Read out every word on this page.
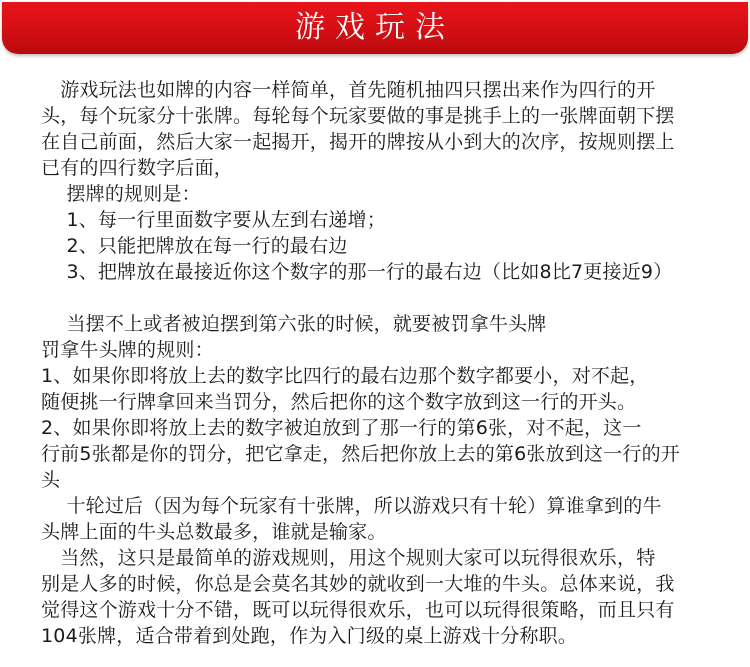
游戏玩法

　游戏玩法也如牌的内容一样简单，首先随机抽四只摆出来作为四行的开

头，每个玩家分十张牌。每轮每个玩家要做的事是挑手上的一张牌面朝下摆

在自己前面，然后大家一起揭开，揭开的牌按从小到大的次序，按规则摆上

已有的四行数字后面，

　 摆牌的规则是：

　 1、每一行里面数字要从左到右递增；

　 2、只能把牌放在每一行的最右边

　 3、把牌放在最接近你这个数字的那一行的最右边（比如8比7更接近9）

　 当摆不上或者被迫摆到第六张的时候，就要被罚拿牛头牌

罚拿牛头牌的规则：

1、如果你即将放上去的数字比四行的最右边那个数字都要小，对不起，

随便挑一行牌拿回来当罚分，然后把你的这个数字放到这一行的开头。

2、如果你即将放上去的数字被迫放到了那一行的第6张，对不起，这一

行前5张都是你的罚分，把它拿走，然后把你放上去的第6张放到这一行的开

头

　 十轮过后（因为每个玩家有十张牌，所以游戏只有十轮）算谁拿到的牛

头牌上面的牛头总数最多，谁就是输家。

　当然，这只是最简单的游戏规则，用这个规则大家可以玩得很欢乐，特

别是人多的时候，你总是会莫名其妙的就收到一大堆的牛头。总体来说，我

觉得这个游戏十分不错，既可以玩得很欢乐，也可以玩得很策略，而且只有

104张牌，适合带着到处跑，作为入门级的桌上游戏十分称职。
